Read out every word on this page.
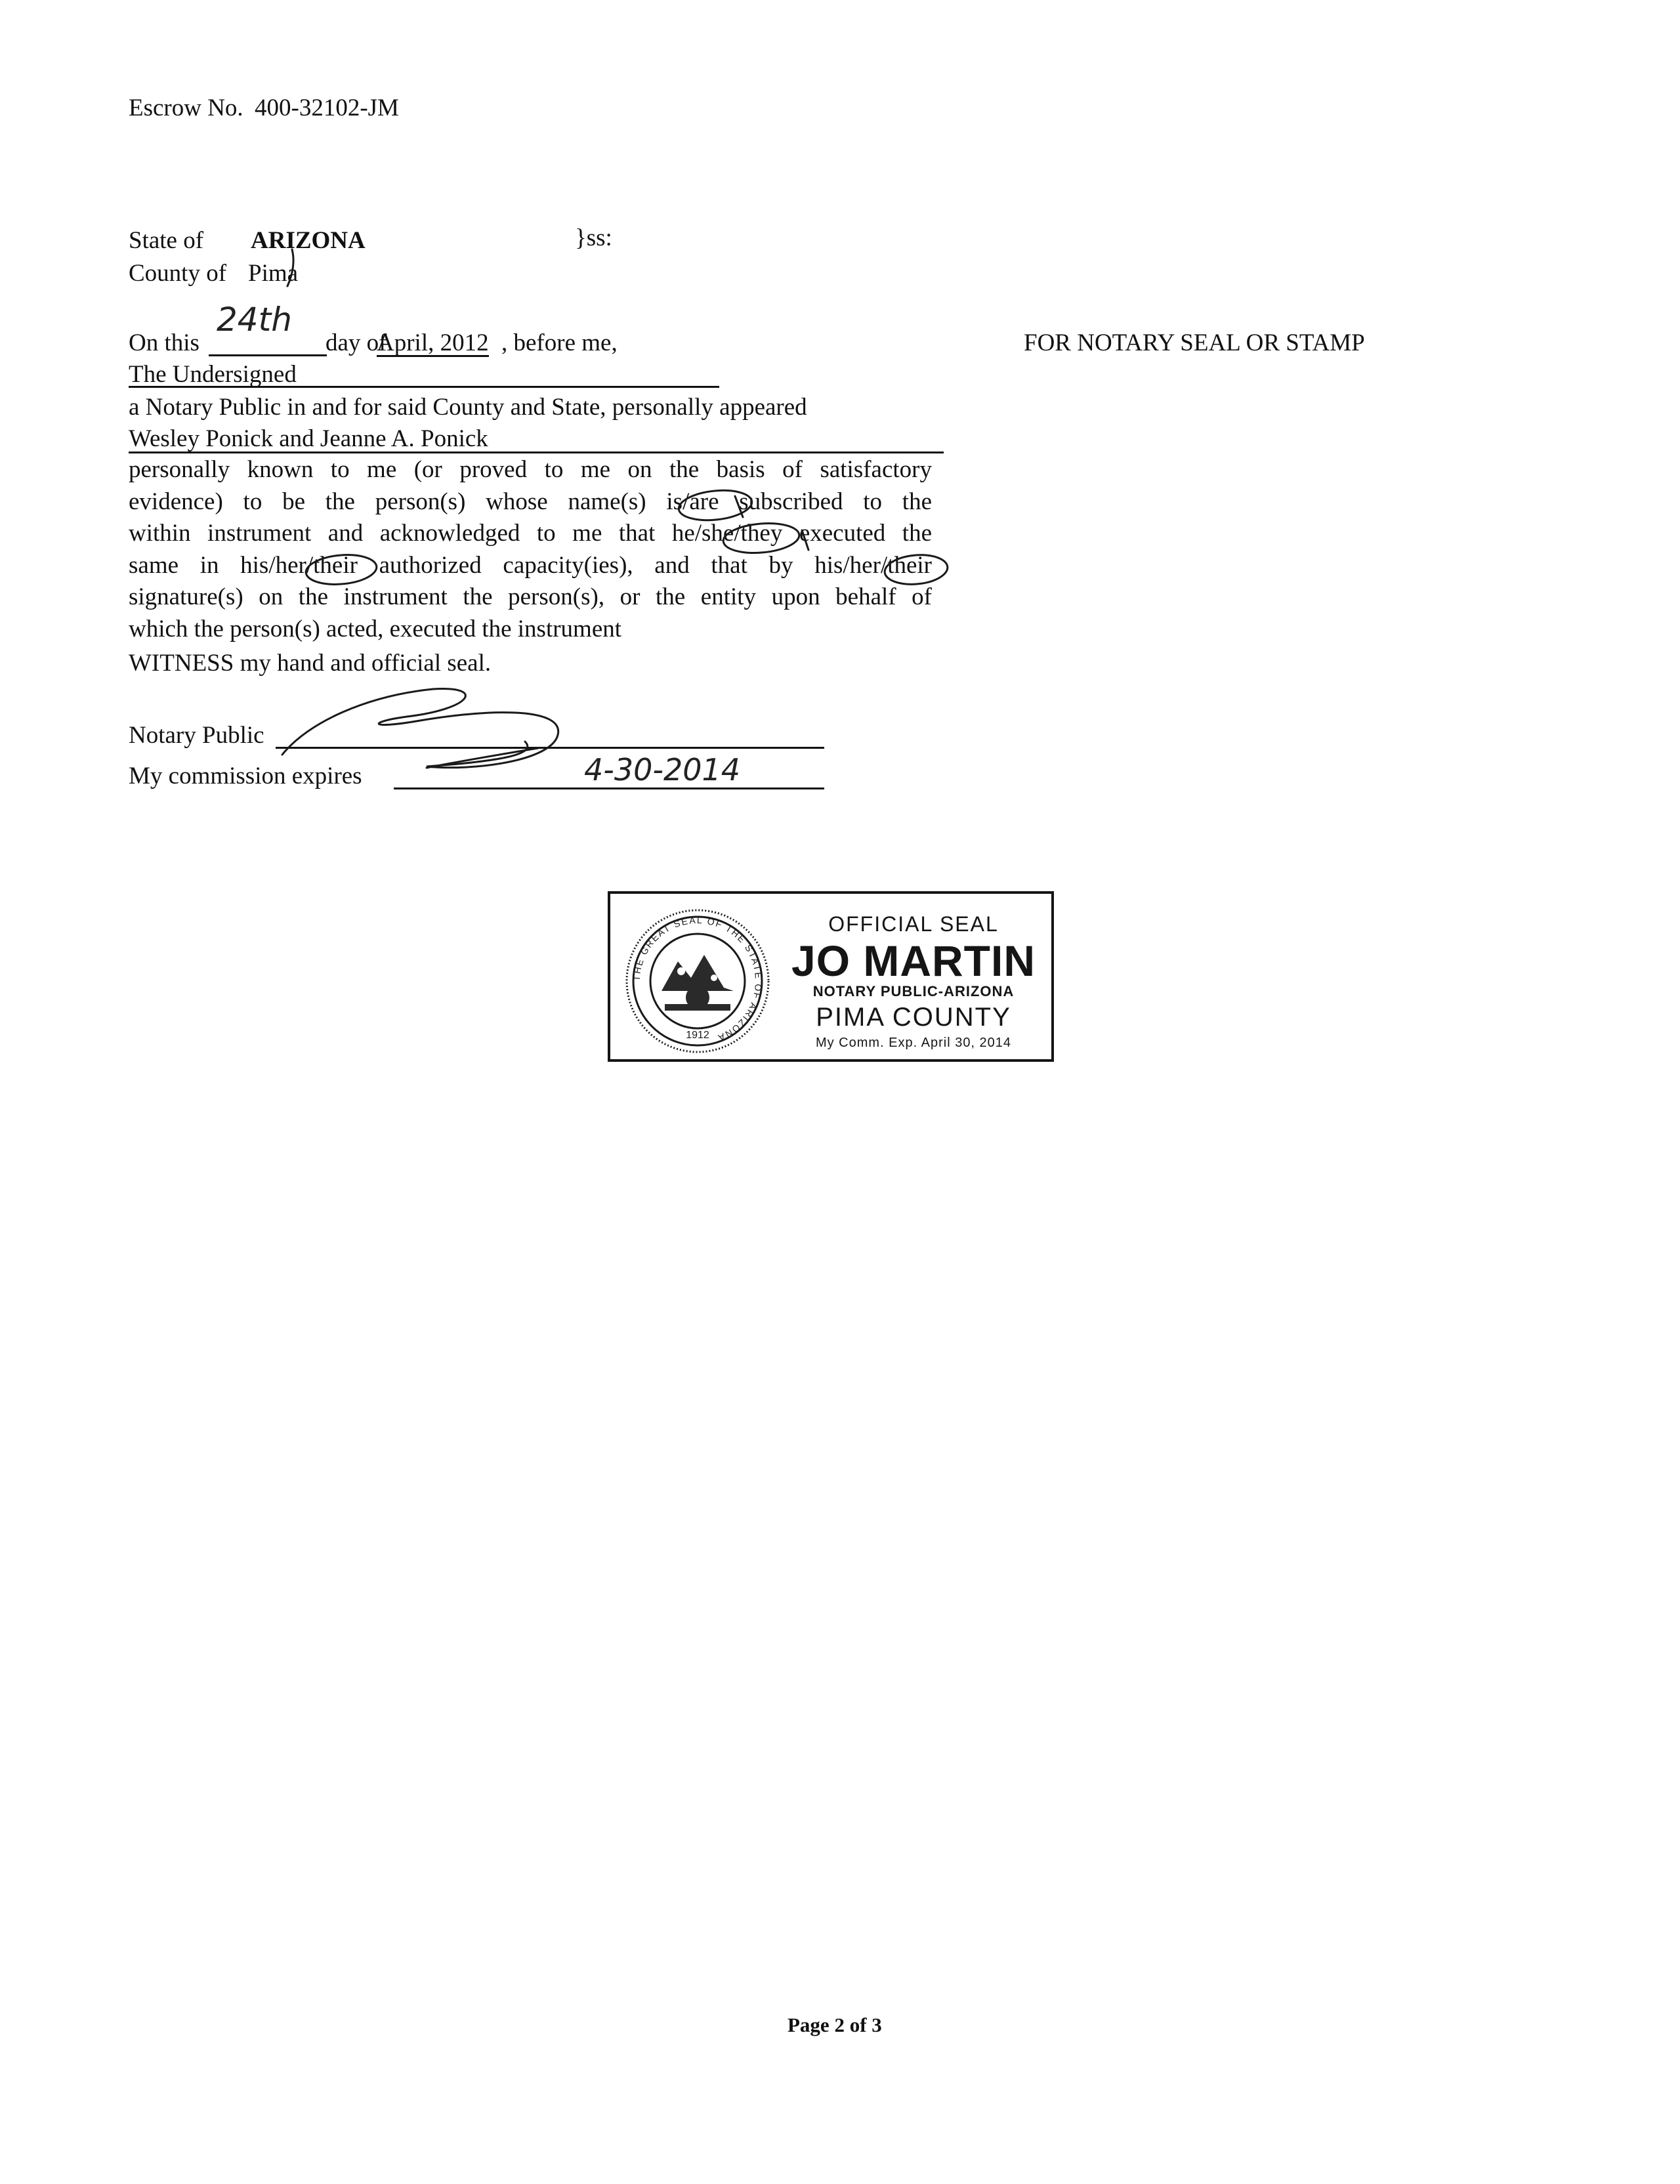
Escrow No. 400-32102-JM
State of ARIZONA	}ss:
County of Pima
On this
24th
day of
April, 2012 , before me,	FOR NOTARY SEAL OR STAMP
The Undersigned
a Notary Public in and for said County and State, personally appeared
Wesley Ponick and Jeanne A. Ponick
personally known to me (or proved to me on the basis of satisfactory
evidence) to be the person(s) whose name(s) is/are subscribed to the
within instrument and acknowledged to me that he/she/they executed the
same in his/her/their authorized capacity(ies), and that by his/her/their
signature(s) on the instrument the person(s), or the entity upon behalf of
which the person(s) acted, executed the instrument
WITNESS my hand and official seal.
Notary Public
My commission expires	4-30-2014
THE GREAT SEAL OF THE STATE OF ARIZONA
1912
OFFICIAL SEAL
JO MARTIN
NOTARY PUBLIC-ARIZONA
PIMA COUNTY
My Comm. Exp. April 30, 2014
Page 2 of 3
